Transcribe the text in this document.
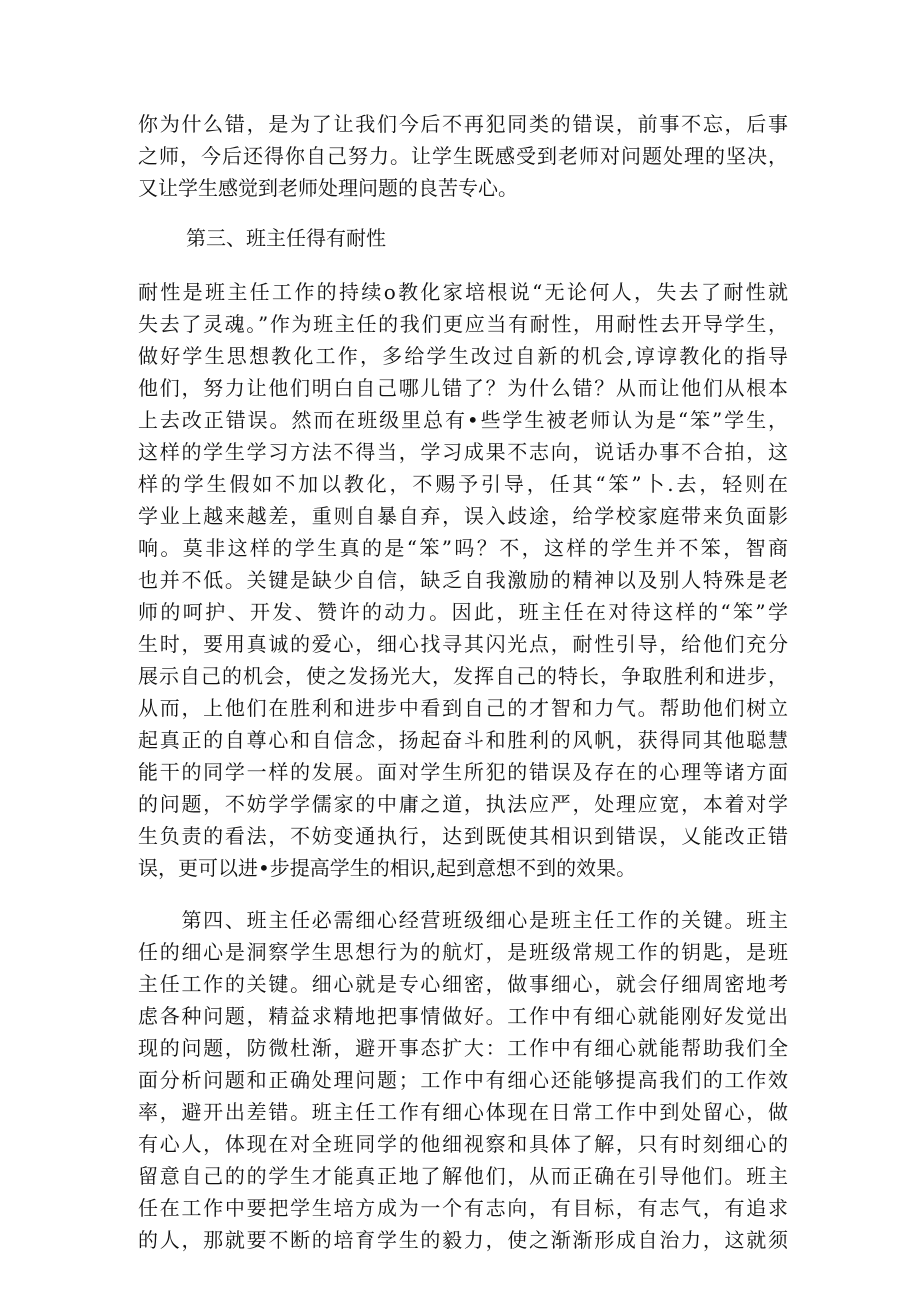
你为什么错，是为了让我们今后不再犯同类的错误，前事不忘，后事
之师，今后还得你自己努力。让学生既感受到老师对问题处理的坚决，
又让学生感觉到老师处理问题的良苦专心。

第三、班主任得有耐性

耐性是班主任工作的持续o教化家培根说“无论何人，失去了耐性就
失去了灵魂。”作为班主任的我们更应当有耐性，用耐性去开导学生，
做好学生思想教化工作，多给学生改过自新的机会,谆谆教化的指导
他们，努力让他们明白自己哪儿错了？为什么错？从而让他们从根本
上去改正错误。然而在班级里总有•些学生被老师认为是“笨”学生，
这样的学生学习方法不得当，学习成果不志向，说话办事不合拍，这
样的学生假如不加以教化，不赐予引导，任其“笨”卜.去，轻则在
学业上越来越差，重则自暴自弃，误入歧途，给学校家庭带来负面影
响。莫非这样的学生真的是“笨”吗？不，这样的学生并不笨，智商
也并不低。关键是缺少自信，缺乏自我激励的精神以及别人特殊是老
师的呵护、开发、赞许的动力。因此，班主任在对待这样的“笨”学
生时，要用真诚的爱心，细心找寻其闪光点，耐性引导，给他们充分
展示自己的机会，使之发扬光大，发挥自己的特长，争取胜利和进步，
从而，上他们在胜利和进步中看到自己的才智和力气。帮助他们树立
起真正的自尊心和自信念，扬起奋斗和胜利的风帆，获得同其他聪慧
能干的同学一样的发展。面对学生所犯的错误及存在的心理等诸方面
的问题，不妨学学儒家的中庸之道，执法应严，处理应宽，本着对学
生负责的看法，不妨变通执行，达到既使其相识到错误，乂能改正错
误，更可以进•步提高学生的相识,起到意想不到的效果。

　　第四、班主任必需细心经营班级细心是班主任工作的关键。班主
任的细心是洞察学生思想行为的航灯，是班级常规工作的钥匙，是班
主任工作的关键。细心就是专心细密，做事细心，就会仔细周密地考
虑各种问题，精益求精地把事情做好。工作中有细心就能刚好发觉出
现的问题，防微杜渐，避开事态扩大：工作中有细心就能帮助我们全
面分析问题和正确处理问题；工作中有细心还能够提高我们的工作效
率，避开出差错。班主任工作有细心体现在日常工作中到处留心，做
有心人，体现在对全班同学的他细视察和具体了解，只有时刻细心的
留意自己的的学生才能真正地了解他们，从而正确在引导他们。班主
任在工作中要把学生培方成为一个有志向，有目标，有志气，有追求
的人，那就要不断的培育学生的毅力，使之渐渐形成自治力，这就须
